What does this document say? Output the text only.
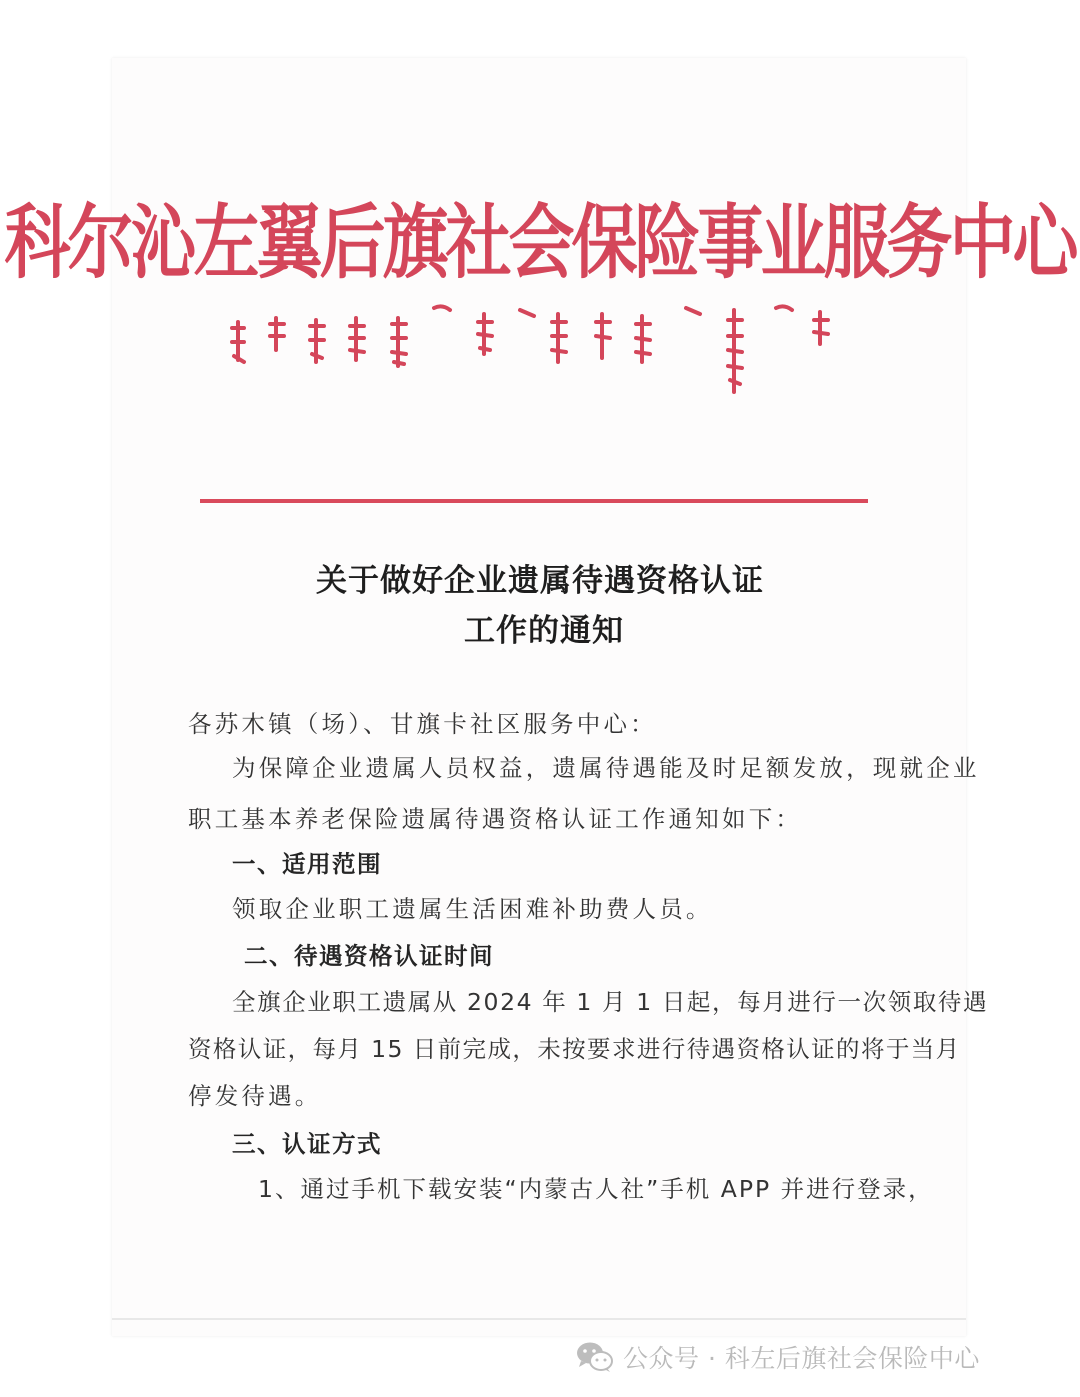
科尔沁左翼后旗社会保险事业服务中心
关于做好企业遗属待遇资格认证
工作的通知
各苏木镇（场）、甘旗卡社区服务中心：
为保障企业遗属人员权益，遗属待遇能及时足额发放，现就企业
职工基本养老保险遗属待遇资格认证工作通知如下：
一、适用范围
领取企业职工遗属生活困难补助费人员。
二、待遇资格认证时间
全旗企业职工遗属从 2024 年 1 月 1 日起，每月进行一次领取待遇
资格认证，每月 15 日前完成，未按要求进行待遇资格认证的将于当月
停发待遇。
三、认证方式
1、通过手机下载安装“内蒙古人社”手机 APP 并进行登录，
公众号 · 科左后旗社会保险中心
